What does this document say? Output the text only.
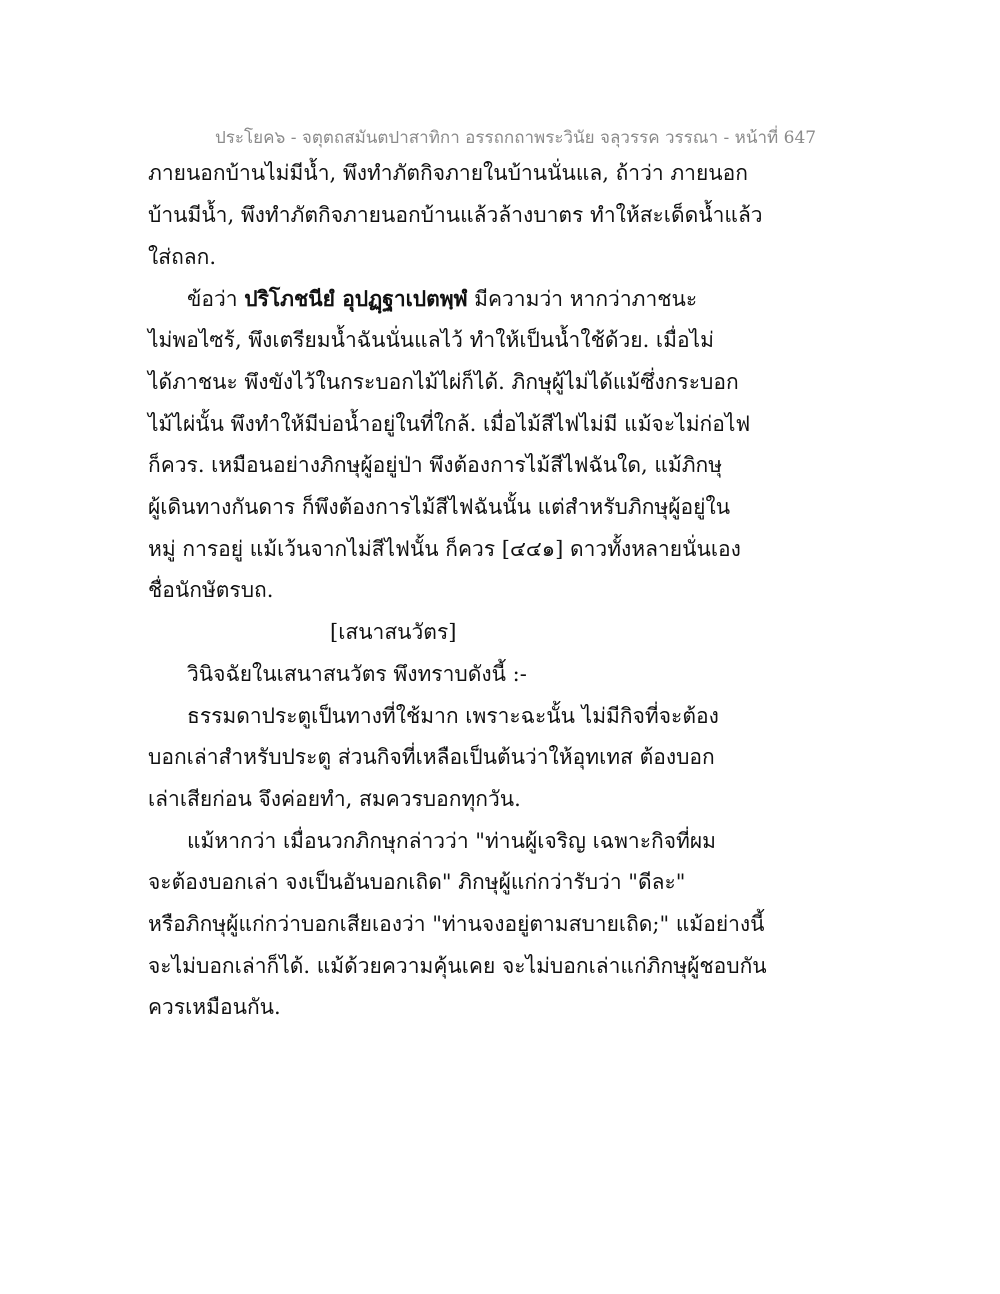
ประโยค๖ - จตุตถสมันตปาสาทิกา อรรถกถาพระวินัย จลุวรรค วรรณา - หน้าที่ 647
ภายนอกบ้านไม่มีน้ำ, พึงทำภัตกิจภายในบ้านนั่นแล, ถ้าว่า ภายนอก
บ้านมีน้ำ, พึงทำภัตกิจภายนอกบ้านแล้วล้างบาตร ทำให้สะเด็ดน้ำแล้ว
ใส่ถลก.
ข้อว่า ปริโภชนียํ อุปฏฺฐาเปตพฺพํ มีความว่า หากว่าภาชนะ
ไม่พอไซร้, พึงเตรียมน้ำฉันนั่นแลไว้ ทำให้เป็นน้ำใช้ด้วย. เมื่อไม่
ได้ภาชนะ พึงขังไว้ในกระบอกไม้ไผ่ก็ได้. ภิกษุผู้ไม่ได้แม้ซึ่งกระบอก
ไม้ไผ่นั้น พึงทำให้มีบ่อน้ำอยู่ในที่ใกล้. เมื่อไม้สีไฟไม่มี แม้จะไม่ก่อไฟ
ก็ควร. เหมือนอย่างภิกษุผู้อยู่ป่า พึงต้องการไม้สีไฟฉันใด, แม้ภิกษุ
ผู้เดินทางกันดาร ก็พึงต้องการไม้สีไฟฉันนั้น แต่สำหรับภิกษุผู้อยู่ใน
หมู่ การอยู่ แม้เว้นจากไม่สีไฟนั้น ก็ควร [๔๔๑] ดาวทั้งหลายนั่นเอง
ชื่อนักษัตรบถ.
[เสนาสนวัตร]
วินิจฉัยในเสนาสนวัตร พึงทราบดังนี้ :-
ธรรมดาประตูเป็นทางที่ใช้มาก เพราะฉะนั้น ไม่มีกิจที่จะต้อง
บอกเล่าสำหรับประตู ส่วนกิจที่เหลือเป็นต้นว่าให้อุทเทส ต้องบอก
เล่าเสียก่อน จึงค่อยทำ, สมควรบอกทุกวัน.
แม้หากว่า เมื่อนวกภิกษุกล่าวว่า "ท่านผู้เจริญ เฉพาะกิจที่ผม
จะต้องบอกเล่า จงเป็นอันบอกเถิด" ภิกษุผู้แก่กว่ารับว่า "ดีละ"
หรือภิกษุผู้แก่กว่าบอกเสียเองว่า "ท่านจงอยู่ตามสบายเถิด;" แม้อย่างนี้
จะไม่บอกเล่าก็ได้. แม้ด้วยความคุ้นเคย จะไม่บอกเล่าแก่ภิกษุผู้ชอบกัน
ควรเหมือนกัน.
